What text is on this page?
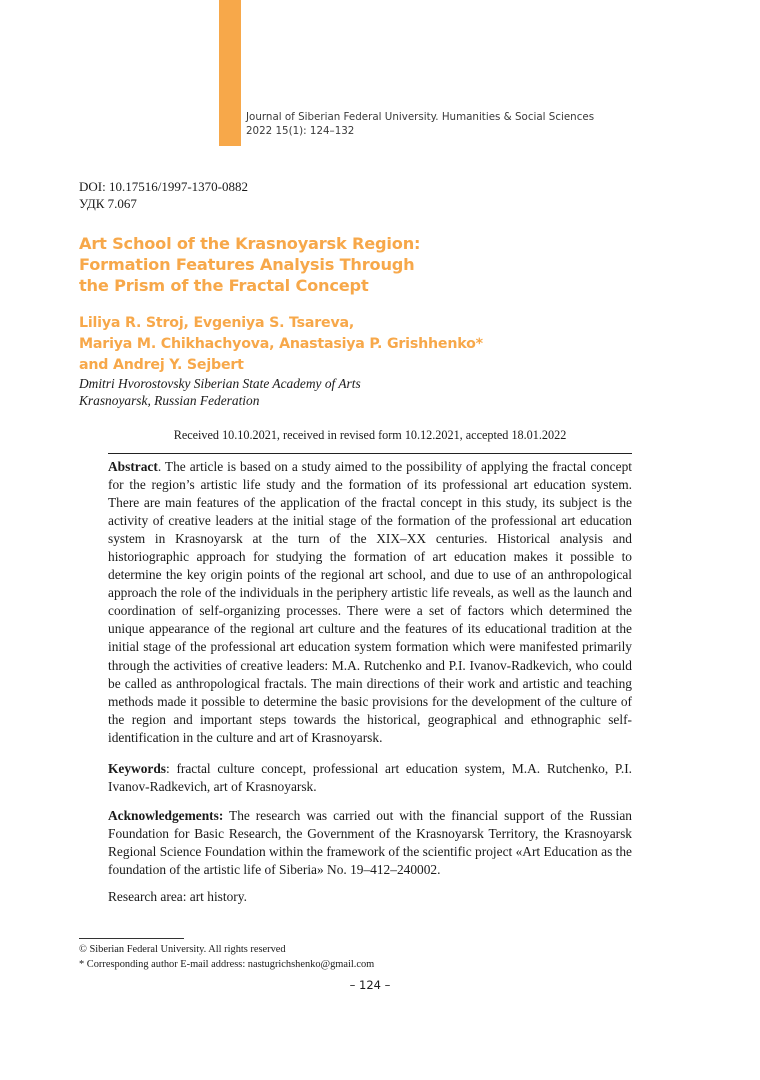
Journal of Siberian Federal University. Humanities & Social Sciences
2022 15(1): 124–132
DOI: 10.17516/1997-1370-0882
УДК 7.067
Art School of the Krasnoyarsk Region:
Formation Features Analysis Through
the Prism of the Fractal Concept
Liliya R. Stroj, Evgeniya S. Tsareva,
Mariya M. Chikhachyova, Anastasiya P. Grishhenko*
and Andrej Y. Sejbert
Dmitri Hvorostovsky Siberian State Academy of Arts
Krasnoyarsk, Russian Federation
Received 10.10.2021, received in revised form 10.12.2021, accepted 18.01.2022
Abstract. The article is based on a study aimed to the possibility of applying the fractal concept for the region’s artistic life study and the formation of its professional art education system. There are main features of the application of the fractal concept in this study, its subject is the activity of creative leaders at the initial stage of the formation of the professional art education system in Krasnoyarsk at the turn of the XIX–XX centuries. Historical analysis and historiographic approach for studying the formation of art education makes it possible to determine the key origin points of the regional art school, and due to use of an anthropological approach the role of the individuals in the periphery artistic life reveals, as well as the launch and coordination of self-organizing processes. There were a set of factors which determined the unique appearance of the regional art culture and the features of its educational tradition at the initial stage of the professional art education system formation which were manifested primarily through the activities of creative leaders: M.A. Rutchenko and P.I. Ivanov-Radkevich, who could be called as anthropological fractals. The main directions of their work and artistic and teaching methods made it possible to determine the basic provisions for the development of the culture of the region and important steps towards the historical, geographical and ethnographic self-identification in the culture and art of Krasnoyarsk.
Keywords: fractal culture concept, professional art education system, M.A. Rutchenko, P.I. Ivanov-Radkevich, art of Krasnoyarsk.
Acknowledgements: The research was carried out with the financial support of the Russian Foundation for Basic Research, the Government of the Krasnoyarsk Territory, the Krasnoyarsk Regional Science Foundation within the framework of the scientific project «Art Education as the foundation of the artistic life of Siberia» No. 19–412–240002.
Research area: art history.
© Siberian Federal University. All rights reserved
* Corresponding author E-mail address: nastugrichshenko@gmail.com
– 124 –
